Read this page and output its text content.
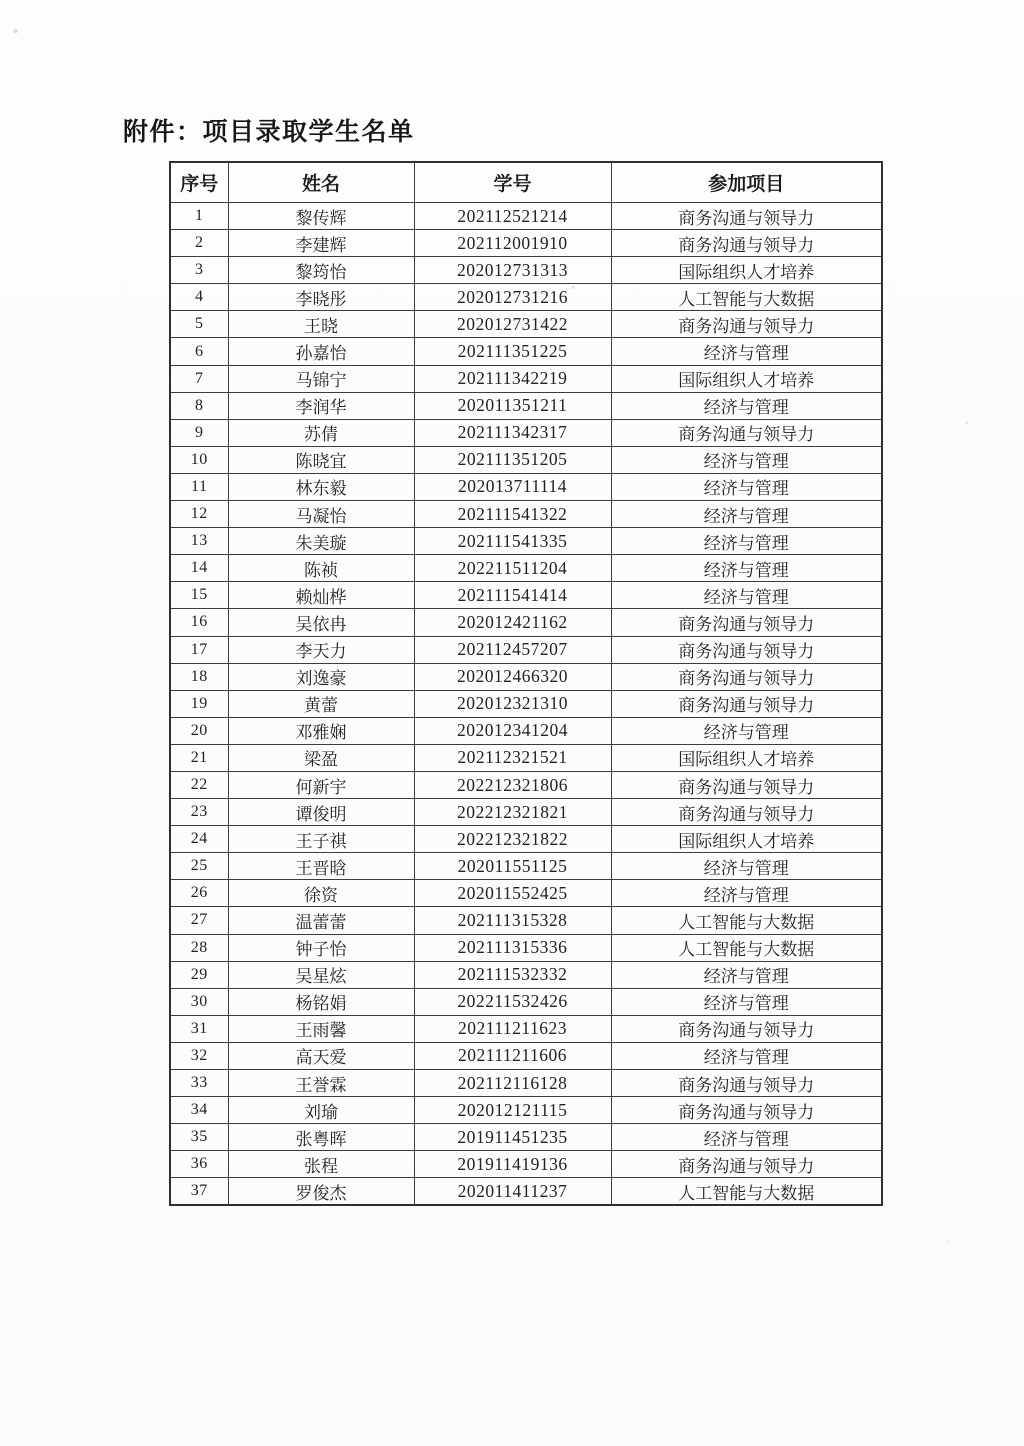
附件：项目录取学生名单
序号	姓名	学号	参加项目
1	黎传辉	202112521214	商务沟通与领导力
2	李建辉	202112001910	商务沟通与领导力
3	黎筠怡	202012731313	国际组织人才培养
4	李晓彤	202012731216	人工智能与大数据
5	王晓	202012731422	商务沟通与领导力
6	孙嘉怡	202111351225	经济与管理
7	马锦宁	202111342219	国际组织人才培养
8	李润华	202011351211	经济与管理
9	苏倩	202111342317	商务沟通与领导力
10	陈晓宜	202111351205	经济与管理
11	林东毅	202013711114	经济与管理
12	马凝怡	202111541322	经济与管理
13	朱美璇	202111541335	经济与管理
14	陈祯	202211511204	经济与管理
15	赖灿桦	202111541414	经济与管理
16	吴依冉	202012421162	商务沟通与领导力
17	李天力	202112457207	商务沟通与领导力
18	刘逸豪	202012466320	商务沟通与领导力
19	黄蕾	202012321310	商务沟通与领导力
20	邓雅娴	202012341204	经济与管理
21	梁盈	202112321521	国际组织人才培养
22	何新宇	202212321806	商务沟通与领导力
23	谭俊明	202212321821	商务沟通与领导力
24	王子祺	202212321822	国际组织人才培养
25	王晋晗	202011551125	经济与管理
26	徐资	202011552425	经济与管理
27	温蕾蕾	202111315328	人工智能与大数据
28	钟子怡	202111315336	人工智能与大数据
29	吴星炫	202111532332	经济与管理
30	杨铭娟	202211532426	经济与管理
31	王雨馨	202111211623	商务沟通与领导力
32	高天爱	202111211606	经济与管理
33	王誉霖	202112116128	商务沟通与领导力
34	刘瑜	202012121115	商务沟通与领导力
35	张粤晖	201911451235	经济与管理
36	张程	201911419136	商务沟通与领导力
37	罗俊杰	202011411237	人工智能与大数据
